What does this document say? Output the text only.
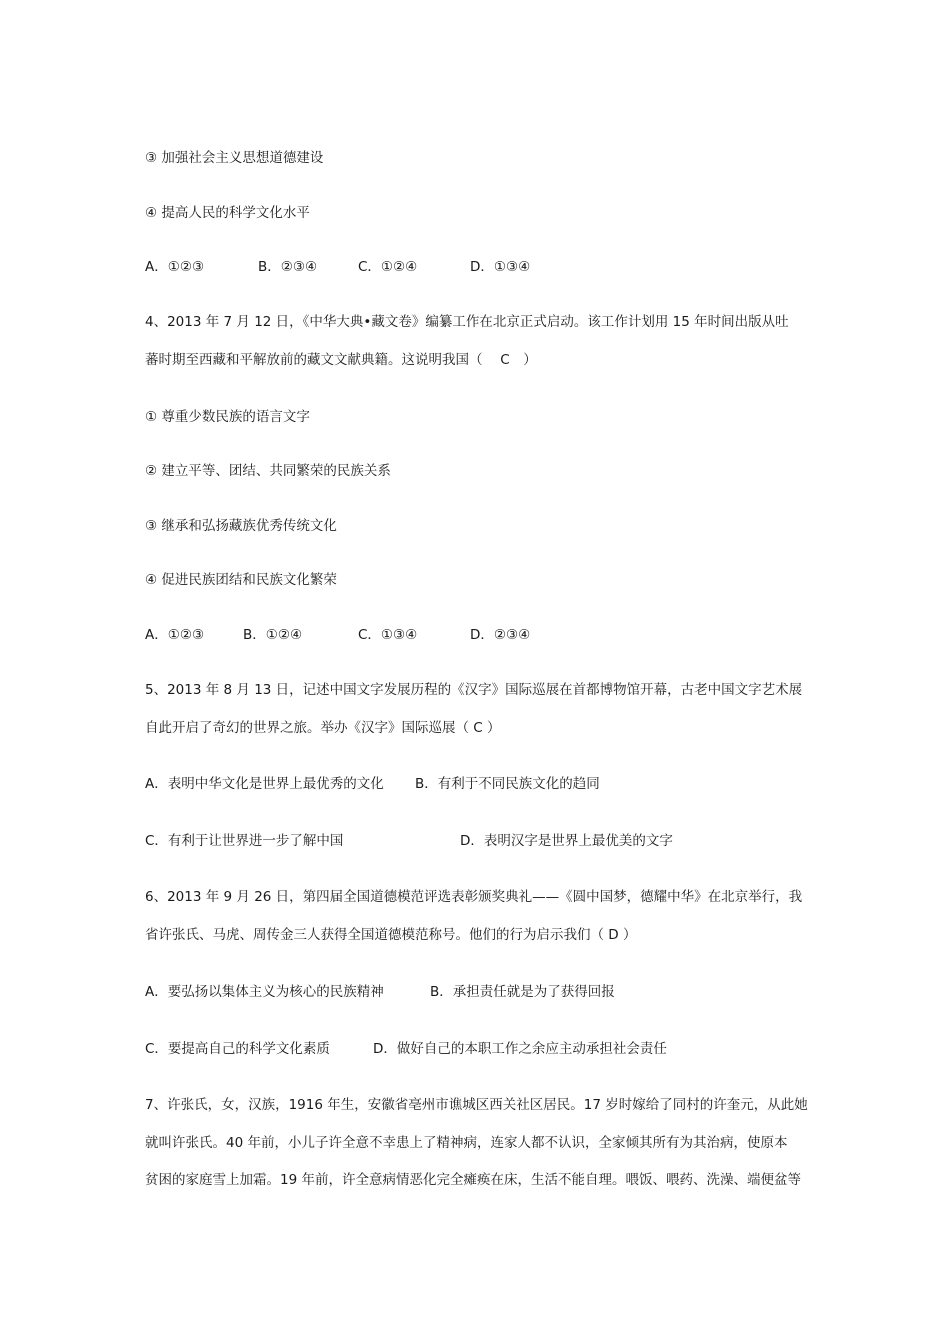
③ 加强社会主义思想道德建设
④ 提高人民的科学文化水平
A．①②③	B．②③④	C．①②④	D．①③④
4、2013 年 7 月 12 日，《中华大典•藏文卷》编纂工作在北京正式启动。该工作计划用 15 年时间出版从吐
蕃时期至西藏和平解放前的藏文文献典籍。这说明我国（　 C　）
① 尊重少数民族的语言文字
② 建立平等、团结、共同繁荣的民族关系
③ 继承和弘扬藏族优秀传统文化
④ 促进民族团结和民族文化繁荣
A．①②③	B．①②④	C．①③④	D．②③④
5、2013 年 8 月 13 日，记述中国文字发展历程的《汉字》国际巡展在首都博物馆开幕，古老中国文字艺术展
自此开启了奇幻的世界之旅。举办《汉字》国际巡展（ C ）
A．表明中华文化是世界上最优秀的文化 B．有利于不同民族文化的趋同
C．有利于让世界进一步了解中国	D．表明汉字是世界上最优美的文字
6、2013 年 9 月 26 日，第四届全国道德模范评选表彰颁奖典礼——《圆中国梦，德耀中华》在北京举行，我
省许张氏、马虎、周传金三人获得全国道德模范称号。他们的行为启示我们（ D ）
A．要弘扬以集体主义为核心的民族精神	B．承担责任就是为了获得回报
C．要提高自己的科学文化素质	D．做好自己的本职工作之余应主动承担社会责任
7、许张氏，女，汉族，1916 年生，安徽省亳州市谯城区西关社区居民。17 岁时嫁给了同村的许奎元，从此她
就叫许张氏。40 年前，小儿子许全意不幸患上了精神病，连家人都不认识，全家倾其所有为其治病，使原本
贫困的家庭雪上加霜。19 年前，许全意病情恶化完全瘫痪在床，生活不能自理。喂饭、喂药、洗澡、端便盆等
